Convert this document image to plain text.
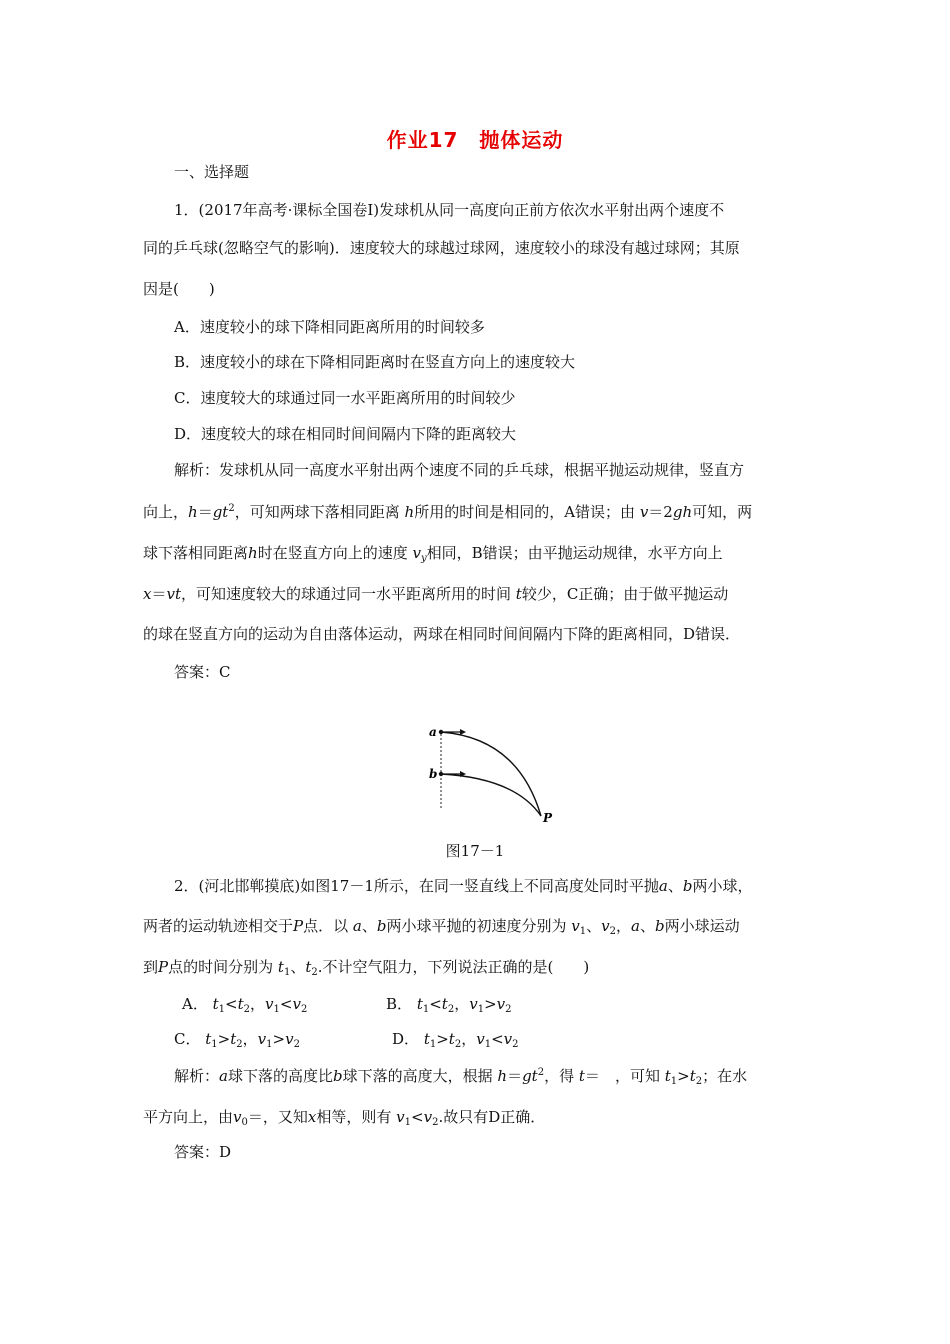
作业17　抛体运动
一、选择题
1．(2017年高考·课标全国卷Ⅰ)发球机从同一高度向正前方依次水平射出两个速度不
同的乒乓球(忽略空气的影响)．速度较大的球越过球网，速度较小的球没有越过球网；其原
因是(　　)
A．速度较小的球下降相同距离所用的时间较多
B．速度较小的球在下降相同距离时在竖直方向上的速度较大
C．速度较大的球通过同一水平距离所用的时间较少
D．速度较大的球在相同时间间隔内下降的距离较大
解析：发球机从同一高度水平射出两个速度不同的乒乓球，根据平抛运动规律，竖直方
向上，$h=gt^2$，可知两球下落相同距离 h所用的时间是相同的，A错误；由 v＝2gh可知，两
球下落相同距离h时在竖直方向上的速度 $v_y$相同，B错误；由平抛运动规律，水平方向上
x＝vt，可知速度较大的球通过同一水平距离所用的时间 t较少，C正确；由于做平抛运动
的球在竖直方向的运动为自由落体运动，两球在相同时间间隔内下降的距离相同，D错误．
答案：C
a
b
P
图17－1
2．(河北邯郸摸底)如图17－1所示，在同一竖直线上不同高度处同时平抛a、b两小球，
两者的运动轨迹相交于P点．以 a、b两小球平抛的初速度分别为 $v_1$、$v_2$，a、b两小球运动
到P点的时间分别为 $t_1$、$t_2$.不计空气阻力，下列说法正确的是(　　)
A． $t_1<t_2$，$v_1<v_2$	B． $t_1<t_2$，$v_1>v_2$
C． $t_1>t_2$，$v_1>v_2$	D． $t_1>t_2$，$v_1<v_2$
解析：a球下落的高度比b球下落的高度大，根据 $h=gt^2$，得 t＝　，可知 $t_1>t_2$；在水
平方向上，由$v_0=$，又知x相等，则有 $v_1<v_2$.故只有D正确．
答案：D
